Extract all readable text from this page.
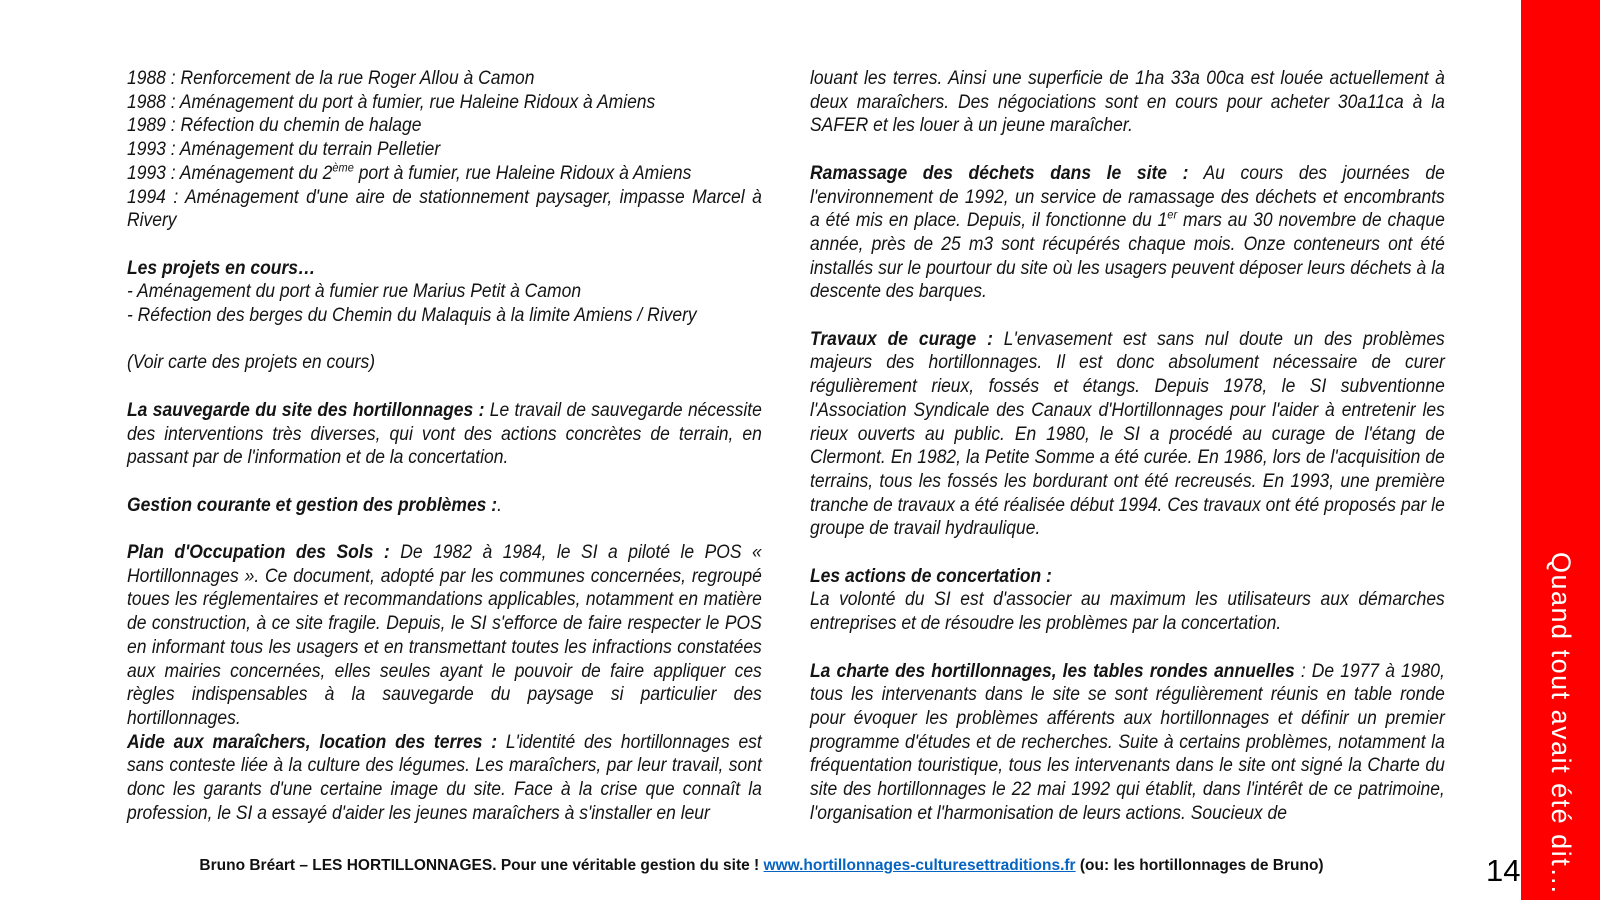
1988 : Renforcement de la rue Roger Allou à Camon

1988 : Aménagement du port à fumier, rue Haleine Ridoux à Amiens

1989 : Réfection du chemin de halage

1993 : Aménagement du terrain Pelletier

1993 : Aménagement du 2ème port à fumier, rue Haleine Ridoux à Amiens

1994 : Aménagement d'une aire de stationnement paysager, impasse Marcel à Rivery

Les projets en cours…

- Aménagement du port à fumier rue Marius Petit à Camon

- Réfection des berges du Chemin du Malaquis à la limite Amiens / Rivery

(Voir carte des projets en cours)

La sauvegarde du site des hortillonnages : Le travail de sauvegarde nécessite des interventions très diverses, qui vont des actions concrètes de terrain, en passant par de l'information et de la concertation.

Gestion courante et gestion des problèmes :.

Plan d'Occupation des Sols : De 1982 à 1984, le SI a piloté le POS « Hortillonnages ». Ce document, adopté par les communes concernées, regroupé toues les réglementaires et recommandations applicables, notamment en matière de construction, à ce site fragile. Depuis, le SI s'efforce de faire respecter le POS en informant tous les usagers et en transmettant toutes les infractions constatées aux mairies concernées, elles seules ayant le pouvoir de faire appliquer ces règles indispensables à la sauvegarde du paysage si particulier des hortillonnages.

Aide aux maraîchers, location des terres : L'identité des hortillonnages est sans conteste liée à la culture des légumes. Les maraîchers, par leur travail, sont donc les garants d'une certaine image du site. Face à la crise que connaît la profession, le SI a essayé d'aider les jeunes maraîchers à s'installer en leur

louant les terres. Ainsi une superficie de 1ha 33a 00ca est louée actuellement à deux maraîchers. Des négociations sont en cours pour acheter 30a11ca à la SAFER et les louer à un jeune maraîcher.

Ramassage des déchets dans le site : Au cours des journées de l'environnement de 1992, un service de ramassage des déchets et encombrants a été mis en place. Depuis, il fonctionne du 1er mars au 30 novembre de chaque année, près de 25 m3 sont récupérés chaque mois. Onze conteneurs ont été installés sur le pourtour du site où les usagers peuvent déposer leurs déchets à la descente des barques.

Travaux de curage : L'envasement est sans nul doute un des problèmes majeurs des hortillonnages. Il est donc absolument nécessaire de curer régulièrement rieux, fossés et étangs. Depuis 1978, le SI subventionne l'Association Syndicale des Canaux d'Hortillonnages pour l'aider à entretenir les rieux ouverts au public. En 1980, le SI a procédé au curage de l'étang de Clermont. En 1982, la Petite Somme a été curée. En 1986, lors de l'acquisition de terrains, tous les fossés les bordurant ont été recreusés. En 1993, une première tranche de travaux a été réalisée début 1994. Ces travaux ont été proposés par le groupe de travail hydraulique.

Les actions de concertation :

La volonté du SI est d'associer au maximum les utilisateurs aux démarches entreprises et de résoudre les problèmes par la concertation.

La charte des hortillonnages, les tables rondes annuelles : De 1977 à 1980, tous les intervenants dans le site se sont régulièrement réunis en table ronde pour évoquer les problèmes afférents aux hortillonnages et définir un premier programme d'études et de recherches. Suite à certains problèmes, notamment la fréquentation touristique, tous les intervenants dans le site ont signé la Charte du site des hortillonnages le 22 mai 1992 qui établit, dans l'intérêt de ce patrimoine, l'organisation et l'harmonisation de leurs actions. Soucieux de	Quand tout avait été dit…
14

Bruno Bréart – LES HORTILLONNAGES. Pour une véritable gestion du site ! www.hortillonnages-culturesettraditions.fr (ou: les hortillonnages de Bruno)
